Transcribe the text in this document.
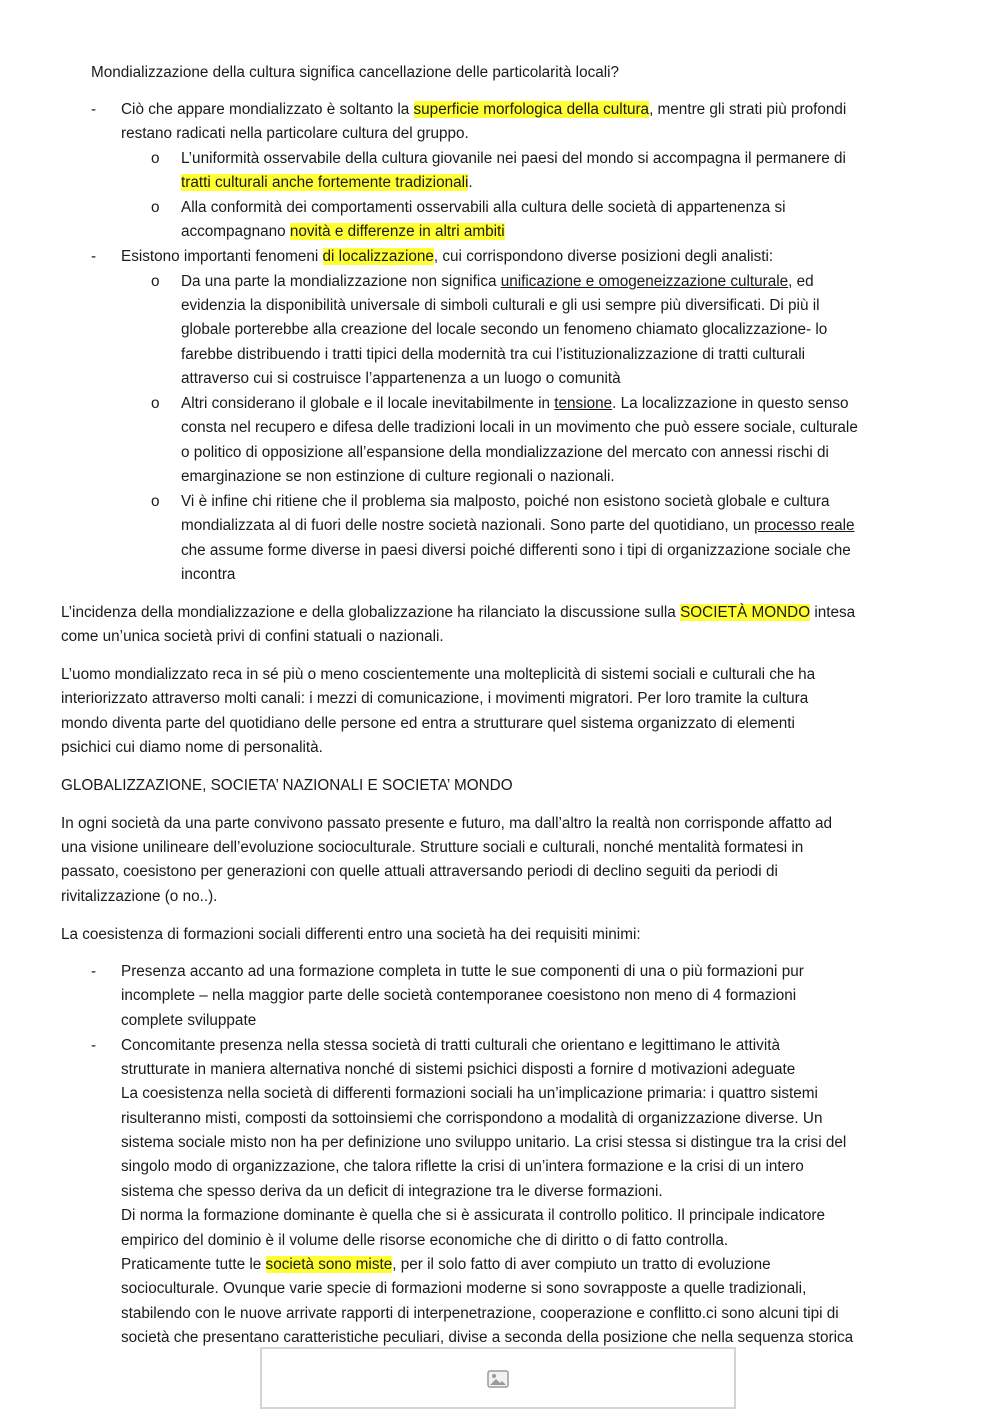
Mondializzazione della cultura significa cancellazione delle particolarità locali?
- Ciò che appare mondializzato è soltanto la superficie morfologica della cultura, mentre gli strati più profondi
restano radicati nella particolare cultura del gruppo.
o L’uniformità osservabile della cultura giovanile nei paesi del mondo si accompagna il permanere di
tratti culturali anche fortemente tradizionali.
o Alla conformità dei comportamenti osservabili alla cultura delle società di appartenenza si
accompagnano novità e differenze in altri ambiti
- Esistono importanti fenomeni di localizzazione, cui corrispondono diverse posizioni degli analisti:
o Da una parte la mondializzazione non significa unificazione e omogeneizzazione culturale, ed
evidenzia la disponibilità universale di simboli culturali e gli usi sempre più diversificati. Di più il
globale porterebbe alla creazione del locale secondo un fenomeno chiamato glocalizzazione- lo
farebbe distribuendo i tratti tipici della modernità tra cui l’istituzionalizzazione di tratti culturali
attraverso cui si costruisce l’appartenenza a un luogo o comunità
o Altri considerano il globale e il locale inevitabilmente in tensione. La localizzazione in questo senso
consta nel recupero e difesa delle tradizioni locali in un movimento che può essere sociale, culturale
o politico di opposizione all’espansione della mondializzazione del mercato con annessi rischi di
emarginazione se non estinzione di culture regionali o nazionali.
o Vi è infine chi ritiene che il problema sia malposto, poiché non esistono società globale e cultura
mondializzata al di fuori delle nostre società nazionali. Sono parte del quotidiano, un processo reale
che assume forme diverse in paesi diversi poiché differenti sono i tipi di organizzazione sociale che
incontra
L’incidenza della mondializzazione e della globalizzazione ha rilanciato la discussione sulla SOCIETÀ MONDO intesa
come un’unica società privi di confini statuali o nazionali.
L’uomo mondializzato reca in sé più o meno coscientemente una molteplicità di sistemi sociali e culturali che ha
interiorizzato attraverso molti canali: i mezzi di comunicazione, i movimenti migratori. Per loro tramite la cultura
mondo diventa parte del quotidiano delle persone ed entra a strutturare quel sistema organizzato di elementi
psichici cui diamo nome di personalità.
GLOBALIZZAZIONE, SOCIETA’ NAZIONALI E SOCIETA’ MONDO
In ogni società da una parte convivono passato presente e futuro, ma dall’altro la realtà non corrisponde affatto ad
una visione unilineare dell’evoluzione socioculturale. Strutture sociali e culturali, nonché mentalità formatesi in
passato, coesistono per generazioni con quelle attuali attraversando periodi di declino seguiti da periodi di
rivitalizzazione (o no..).
La coesistenza di formazioni sociali differenti entro una società ha dei requisiti minimi:
- Presenza accanto ad una formazione completa in tutte le sue componenti di una o più formazioni pur
incomplete – nella maggior parte delle società contemporanee coesistono non meno di 4 formazioni
complete sviluppate
- Concomitante presenza nella stessa società di tratti culturali che orientano e legittimano le attività
strutturate in maniera alternativa nonché di sistemi psichici disposti a fornire d motivazioni adeguate
La coesistenza nella società di differenti formazioni sociali ha un’implicazione primaria: i quattro sistemi
risulteranno misti, composti da sottoinsiemi che corrispondono a modalità di organizzazione diverse. Un
sistema sociale misto non ha per definizione uno sviluppo unitario. La crisi stessa si distingue tra la crisi del
singolo modo di organizzazione, che talora riflette la crisi di un’intera formazione e la crisi di un intero
sistema che spesso deriva da un deficit di integrazione tra le diverse formazioni.
Di norma la formazione dominante è quella che si è assicurata il controllo politico. Il principale indicatore
empirico del dominio è il volume delle risorse economiche che di diritto o di fatto controlla.
Praticamente tutte le società sono miste, per il solo fatto di aver compiuto un tratto di evoluzione
socioculturale. Ovunque varie specie di formazioni moderne si sono sovrapposte a quelle tradizionali,
stabilendo con le nuove arrivate rapporti di interpenetrazione, cooperazione e conflitto.ci sono alcuni tipi di
società che presentano caratteristiche peculiari, divise a seconda della posizione che nella sequenza storica
